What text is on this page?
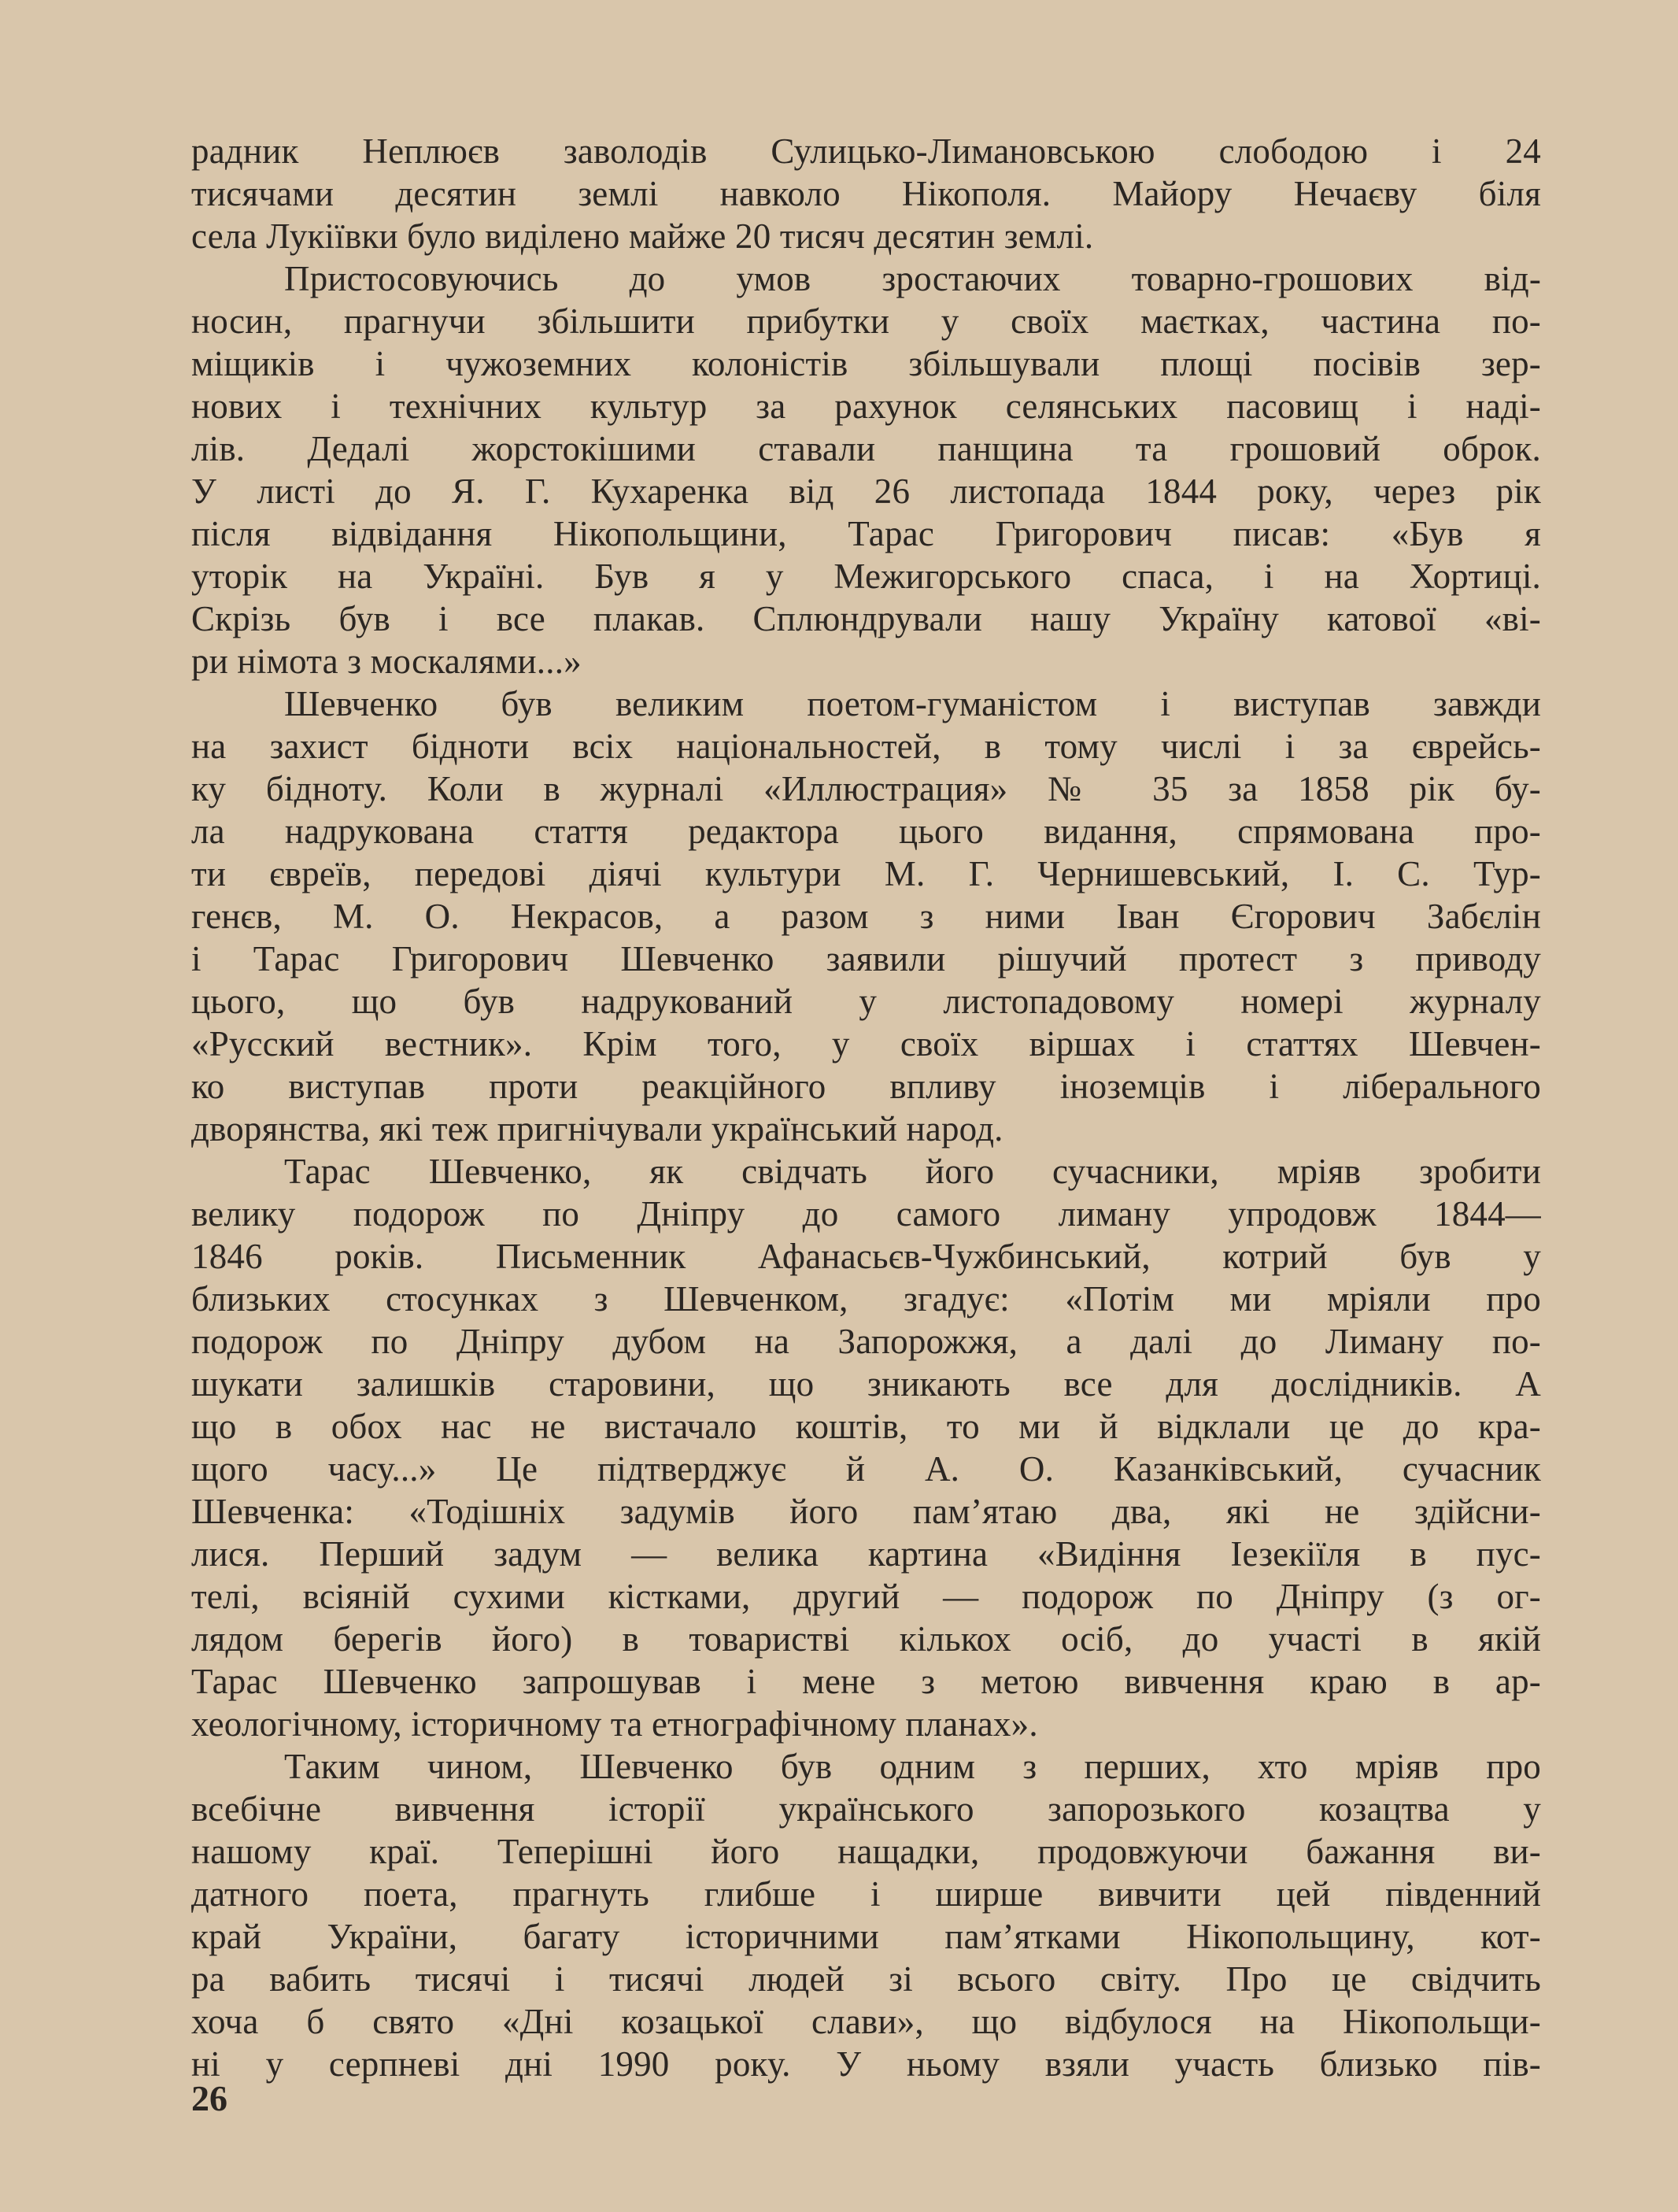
радник Неплюєв заволодів Сулицько-Лимановською слободою і 24
тисячами десятин землі навколо Нікополя. Майору Нечаєву біля
села Лукіївки було виділено майже 20 тисяч десятин землі.
Пристосовуючись до умов зростаючих товарно-грошових від-
носин, прагнучи збільшити прибутки у своїх маєтках, частина по-
міщиків і чужоземних колоністів збільшували площі посівів зер-
нових і технічних культур за рахунок селянських пасовищ і наді-
лів. Дедалі жорстокішими ставали панщина та грошовий оброк.
У листі до Я. Г. Кухаренка від 26 листопада 1844 року, через рік
після відвідання Нікопольщини, Тарас Григорович писав: «Був я
уторік на Україні. Був я у Межигорського спаса, і на Хортиці.
Скрізь був і все плакав. Сплюндрували нашу Україну катової «ві-
ри німота з москалями...»
Шевченко був великим поетом-гуманістом і виступав завжди
на захист бідноти всіх національностей, в тому числі і за єврейсь-
ку бідноту. Коли в журналі «Иллюстрация» № 35 за 1858 рік бу-
ла надрукована стаття редактора цього видання, спрямована про-
ти євреїв, передові діячі культури М. Г. Чернишевський, І. С. Тур-
генєв, М. О. Некрасов, а разом з ними Іван Єгорович Забєлін
і Тарас Григорович Шевченко заявили рішучий протест з приводу
цього, що був надрукований у листопадовому номері журналу
«Русский вестник». Крім того, у своїх віршах і статтях Шевчен-
ко виступав проти реакційного впливу іноземців і ліберального
дворянства, які теж пригнічували український народ.
Тарас Шевченко, як свідчать його сучасники, мріяв зробити
велику подорож по Дніпру до самого лиману упродовж 1844—
1846 років. Письменник Афанасьєв-Чужбинський, котрий був у
близьких стосунках з Шевченком, згадує: «Потім ми мріяли про
подорож по Дніпру дубом на Запорожжя, а далі до Лиману по-
шукати залишків старовини, що зникають все для дослідників. А
що в обох нас не вистачало коштів, то ми й відклали це до кра-
щого часу...» Це підтверджує й А. О. Казанківський, сучасник
Шевченка: «Тодішніх задумів його пам’ятаю два, які не здійсни-
лися. Перший задум — велика картина «Видіння Іезекіїля в пус-
телі, всіяній сухими кістками, другий — подорож по Дніпру (з ог-
лядом берегів його) в товаристві кількох осіб, до участі в якій
Тарас Шевченко запрошував і мене з метою вивчення краю в ар-
хеологічному, історичному та етнографічному планах».
Таким чином, Шевченко був одним з перших, хто мріяв про
всебічне вивчення історії українського запорозького козацтва у
нашому краї. Теперішні його нащадки, продовжуючи бажання ви-
датного поета, прагнуть глибше і ширше вивчити цей південний
край України, багату історичними пам’ятками Нікопольщину, кот-
ра вабить тисячі і тисячі людей зі всього світу. Про це свідчить
хоча б свято «Дні козацької слави», що відбулося на Нікопольщи-
ні у серпневі дні 1990 року. У ньому взяли участь близько пів-
26
